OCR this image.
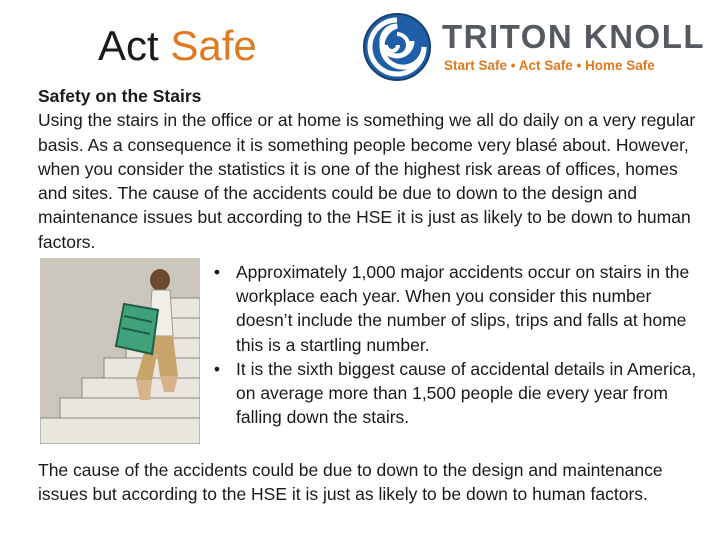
Act Safe	TRITON KNOLL
Start Safe • Act Safe • Home Safe
Safety on the Stairs

Using the stairs in the office or at home is something we all do daily on a very regular basis. As a consequence it is something people become very blasé about. However, when you consider the statistics it is one of the highest risk areas of offices, homes and sites. The cause of the accidents could be due to down to the design and maintenance issues but according to the HSE it is just as likely to be down to human factors.

• Approximately 1,000 major accidents occur on stairs in the workplace each year. When you consider this number doesn’t include the number of slips, trips and falls at home this is a startling number.
• It is the sixth biggest cause of accidental details in America, on average more than 1,500 people die every year from falling down the stairs.

The cause of the accidents could be due to down to the design and maintenance issues but according to the HSE it is just as likely to be down to human factors.
